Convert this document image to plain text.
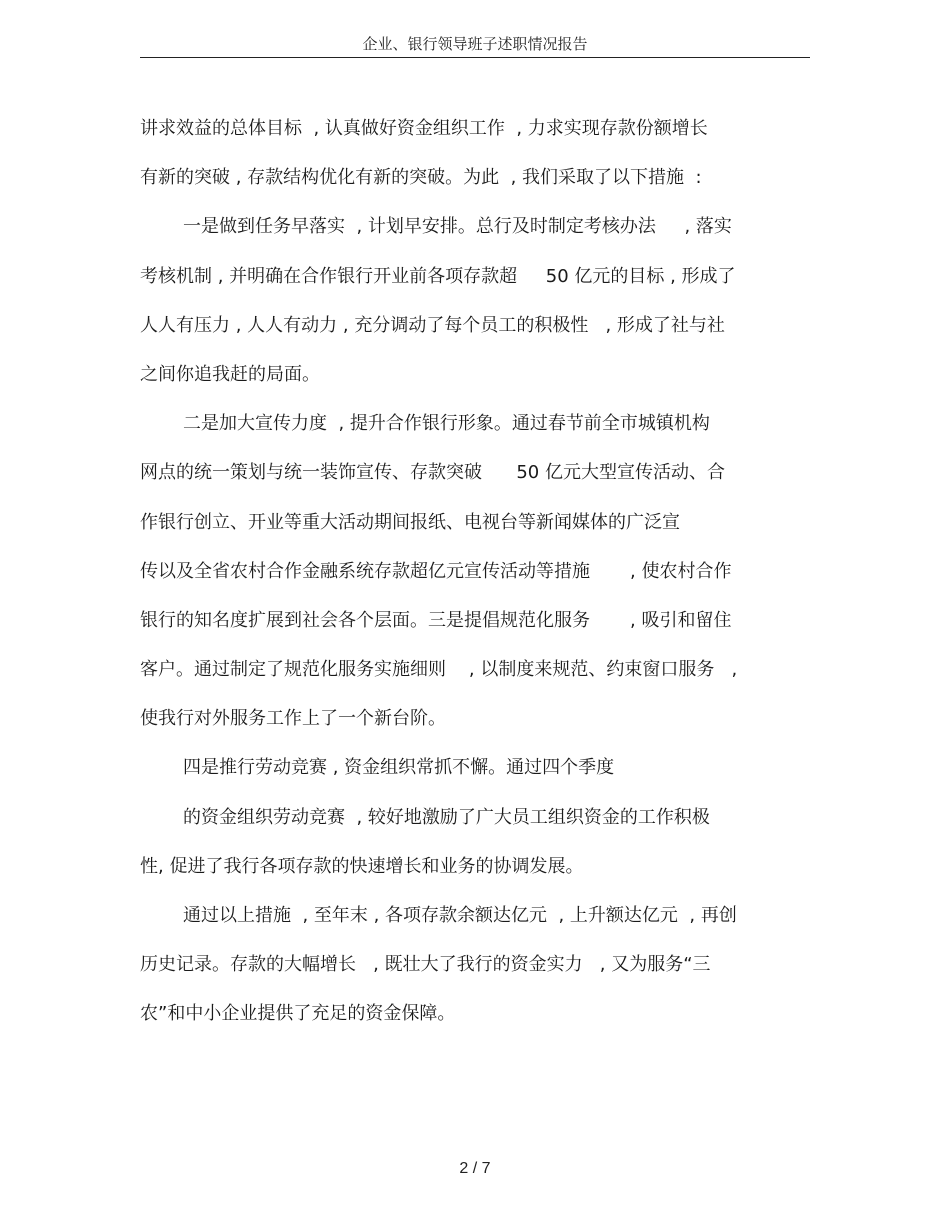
企业、银行领导班子述职情况报告
讲求效益的总体目标  , 认真做好资金组织工作  , 力求实现存款份额增长
有新的突破 , 存款结构优化有新的突破。为此  , 我们采取了以下措施  :
一是做到任务早落实  , 计划早安排。总行及时制定考核办法     , 落实
考核机制 , 并明确在合作银行开业前各项存款超     50 亿元的目标 , 形成了
人人有压力 , 人人有动力 , 充分调动了每个员工的积极性   , 形成了社与社
之间你追我赶的局面。
二是加大宣传力度  , 提升合作银行形象。通过春节前全市城镇机构
网点的统一策划与统一装饰宣传、存款突破      50 亿元大型宣传活动、合
作银行创立、开业等重大活动期间报纸、电视台等新闻媒体的广泛宣
传以及全省农村合作金融系统存款超亿元宣传活动等措施       , 使农村合作
银行的知名度扩展到社会各个层面。三是提倡规范化服务       , 吸引和留住
客户。通过制定了规范化服务实施细则    , 以制度来规范、约束窗口服务   ,
使我行对外服务工作上了一个新台阶。
四是推行劳动竞赛 , 资金组织常抓不懈。通过四个季度
的资金组织劳动竞赛  , 较好地激励了广大员工组织资金的工作积极
性, 促进了我行各项存款的快速增长和业务的协调发展。
通过以上措施  , 至年末 , 各项存款余额达亿元  , 上升额达亿元  , 再创
历史记录。存款的大幅增长   , 既壮大了我行的资金实力   , 又为服务“三
农”和中小企业提供了充足的资金保障。
2 / 7
